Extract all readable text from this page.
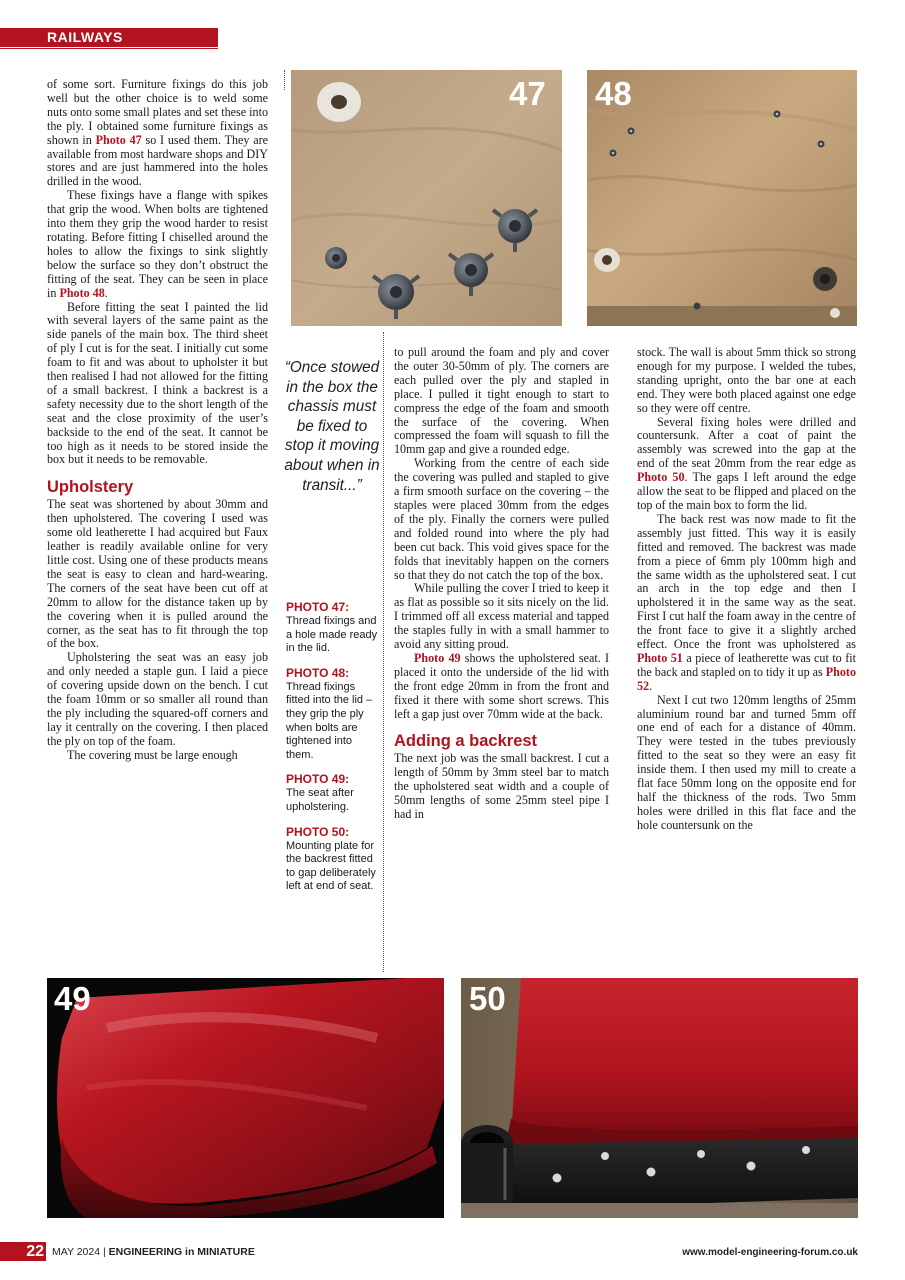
RAILWAYS

of some sort. Furniture fixings do this job well but the other choice is to weld some nuts onto some small plates and set these into the ply. I obtained some furniture fixings as shown in Photo 47 so I used them. They are available from most hardware shops and DIY stores and are just hammered into the holes drilled in the wood.

These fixings have a flange with spikes that grip the wood. When bolts are tightened into them they grip the wood harder to resist rotating. Before fitting I chiselled around the holes to allow the fixings to sink slightly below the surface so they don’t obstruct the fitting of the seat. They can be seen in place in Photo 48.

Before fitting the seat I painted the lid with several layers of the same paint as the side panels of the main box. The third sheet of ply I cut is for the seat. I initially cut some foam to fit and was about to upholster it but then realised I had not allowed for the fitting of a small backrest. I think a backrest is a safety necessity due to the short length of the seat and the close proximity of the user’s backside to the end of the seat. It cannot be too high as it needs to be stored inside the box but it needs to be removable.

Upholstery

The seat was shortened by about 30mm and then upholstered. The covering I used was some old leatherette I had acquired but Faux leather is readily available online for very little cost. Using one of these products means the seat is easy to clean and hard-wearing. The corners of the seat have been cut off at 20mm to allow for the distance taken up by the covering when it is pulled around the corner, as the seat has to fit through the top of the box.

Upholstering the seat was an easy job and only needed a staple gun. I laid a piece of covering upside down on the bench. I cut the foam 10mm or so smaller all round than the ply including the squared-off corners and lay it centrally on the covering. I then placed the ply on top of the foam.

The covering must be large enough

“Once stowed in the box the chassis must be fixed to stop it moving about when in transit...”
PHOTO 47:
Thread fixings and a hole made ready in the lid.
PHOTO 48:
Thread fixings fitted into the lid – they grip the ply when bolts are tightened into them.
PHOTO 49:
The seat after upholstering.
PHOTO 50:
Mounting plate for the backrest fitted to gap deliberately left at end of seat.

to pull around the foam and ply and cover the outer 30-50mm of ply. The corners are each pulled over the ply and stapled in place. I pulled it tight enough to start to compress the edge of the foam and smooth the surface of the covering. When compressed the foam will squash to fill the 10mm gap and give a rounded edge.

Working from the centre of each side the covering was pulled and stapled to give a firm smooth surface on the covering – the staples were placed 30mm from the edges of the ply. Finally the corners were pulled and folded round into where the ply had been cut back. This void gives space for the folds that inevitably happen on the corners so that they do not catch the top of the box.

While pulling the cover I tried to keep it as flat as possible so it sits nicely on the lid. I trimmed off all excess material and tapped the staples fully in with a small hammer to avoid any sitting proud.

Photo 49 shows the upholstered seat. I placed it onto the underside of the lid with the front edge 20mm in from the front and fixed it there with some short screws. This left a gap just over 70mm wide at the back.

Adding a backrest

The next job was the small backrest. I cut a length of 50mm by 3mm steel bar to match the upholstered seat width and a couple of 50mm lengths of some 25mm steel pipe I had in

stock. The wall is about 5mm thick so strong enough for my purpose. I welded the tubes, standing upright, onto the bar one at each end. They were both placed against one edge so they were off centre.

Several fixing holes were drilled and countersunk. After a coat of paint the assembly was screwed into the gap at the end of the seat 20mm from the rear edge as Photo 50. The gaps I left around the edge allow the seat to be flipped and placed on the top of the main box to form the lid.

The back rest was now made to fit the assembly just fitted. This way it is easily fitted and removed. The backrest was made from a piece of 6mm ply 100mm high and the same width as the upholstered seat. I cut an arch in the top edge and then I upholstered it in the same way as the seat. First I cut half the foam away in the centre of the front face to give it a slightly arched effect. Once the front was upholstered as Photo 51 a piece of leatherette was cut to fit the back and stapled on to tidy it up as Photo 52.

Next I cut two 120mm lengths of 25mm aluminium round bar and turned 5mm off one end of each for a distance of 40mm. They were tested in the tubes previously fitted to the seat so they were an easy fit inside them. I then used my mill to create a flat face 50mm long on the opposite end for half the thickness of the rods. Two 5mm holes were drilled in this flat face and the hole countersunk on the

47 48
49	50
22 MAY 2024 | ENGINEERING in MINIATURE	www.model-engineering-forum.co.uk
